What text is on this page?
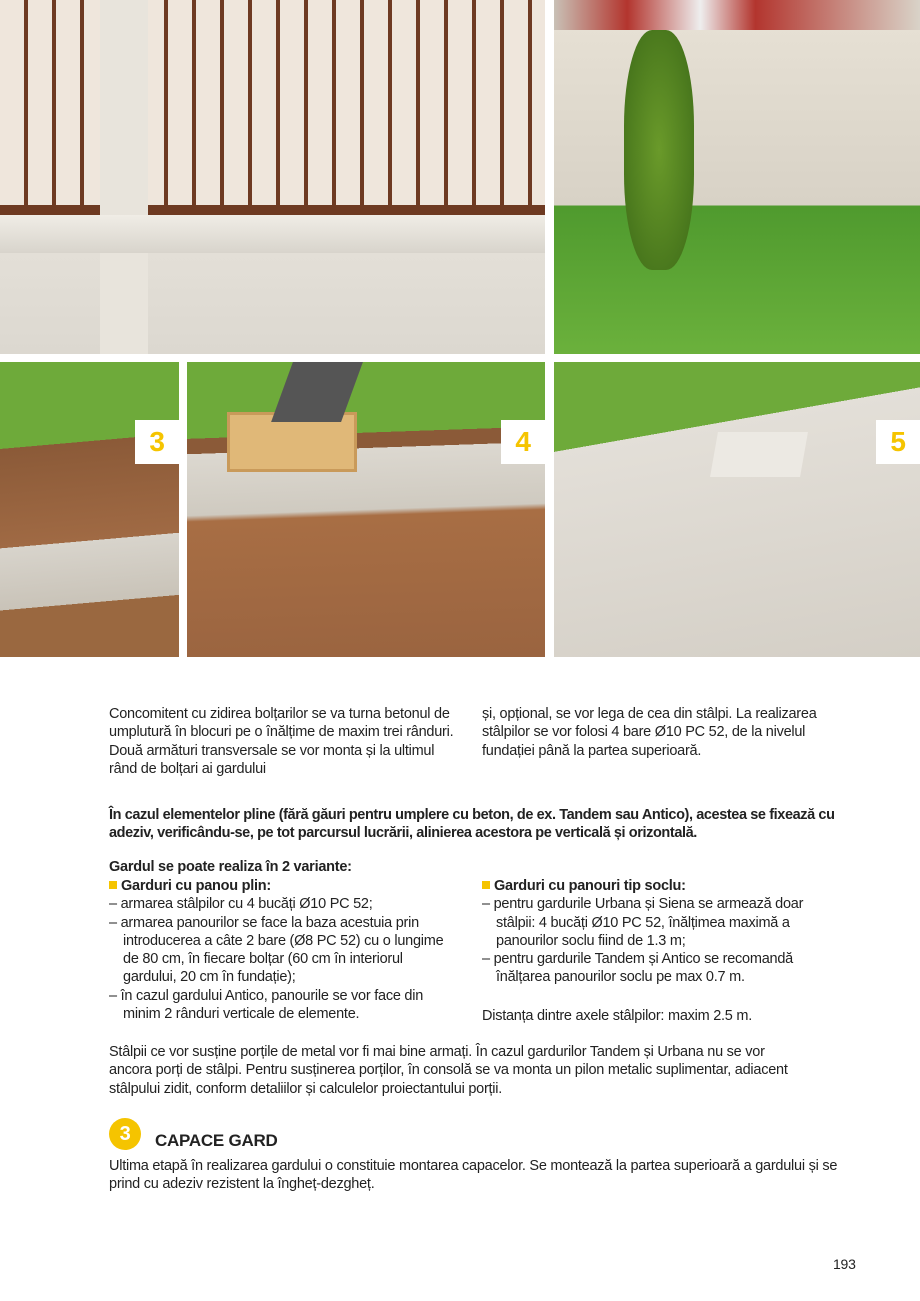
3	4	5
Concomitent cu zidirea bolțarilor se va turna betonul de umplutură în blocuri pe o înălțime de maxim trei rânduri. Două armături transversale se vor monta și la ultimul rând de bolțari ai gardului
și, opțional, se vor lega de cea din stâlpi. La realizarea stâlpilor se vor folosi 4 bare Ø10 PC 52, de la nivelul fundației până la partea superioară.
În cazul elementelor pline (fără găuri pentru umplere cu beton, de ex. Tandem sau Antico), acestea se fixează cu adeziv, verificându-se, pe tot parcursul lucrării, alinierea acestora pe verticală și orizontală.
Gardul se poate realiza în 2 variante:
Garduri cu panou plin:
– armarea stâlpilor cu 4 bucăți Ø10 PC 52;
– armarea panourilor se face la baza acestuia prin introducerea a câte 2 bare (Ø8 PC 52) cu o lungime de 80 cm, în fiecare bolțar (60 cm în interiorul gardului, 20 cm în fundație);
– în cazul gardului Antico, panourile se vor face din minim 2 rânduri verticale de elemente.
Garduri cu panouri tip soclu:
– pentru gardurile Urbana și Siena se armează doar stâlpii: 4 bucăți Ø10 PC 52, înălțimea maximă a panourilor soclu fiind de 1.3 m;
– pentru gardurile Tandem și Antico se recomandă înălțarea panourilor soclu pe max 0.7 m.
Distanța dintre axele stâlpilor: maxim 2.5 m.
Stâlpii ce vor susține porțile de metal vor fi mai bine armați. În cazul gardurilor Tandem și Urbana nu se vor ancora porți de stâlpi. Pentru susținerea porților, în consolă se va monta un pilon metalic suplimentar, adiacent stâlpului zidit, conform detaliilor și calculelor proiectantului porții.
3	CAPACE GARD
Ultima etapă în realizarea gardului o constituie montarea capacelor. Se montează la partea superioară a gardului și se prind cu adeziv rezistent la îngheț-dezgheț.
193
